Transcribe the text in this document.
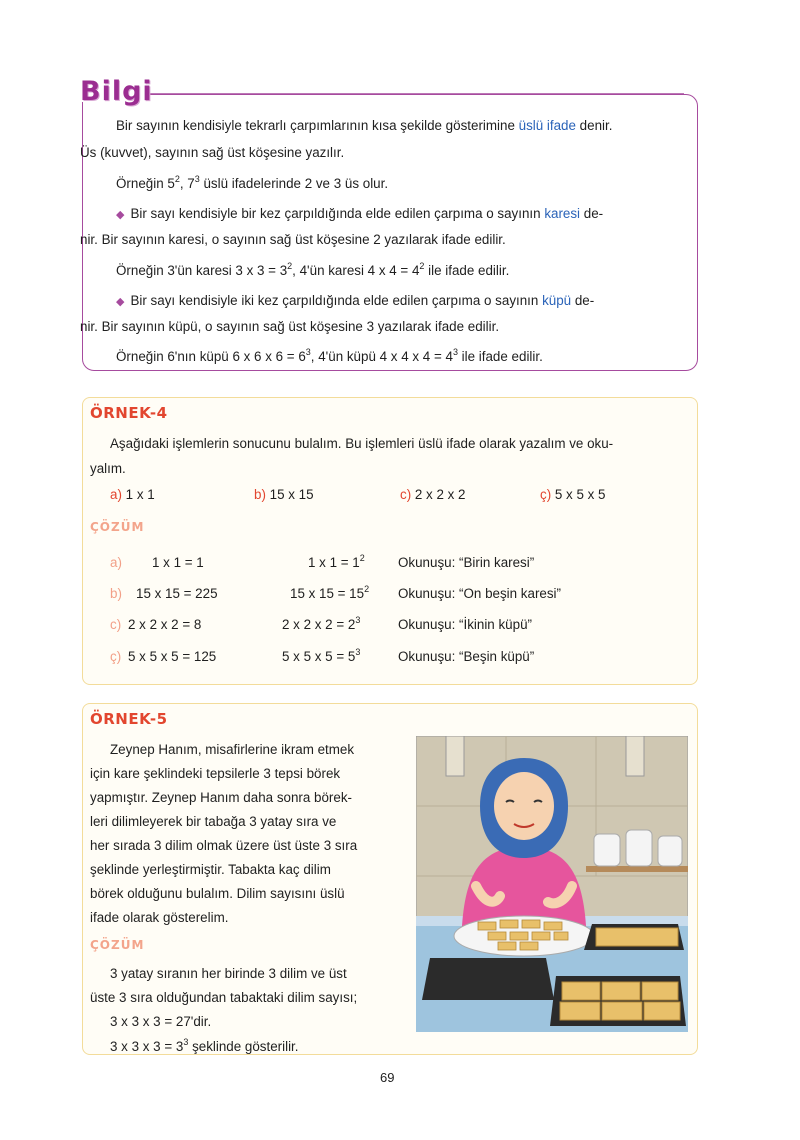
Bilgi
Bir sayının kendisiyle tekrarlı çarpımlarının kısa şekilde gösterimine üslü ifade denir.
Üs (kuvvet), sayının sağ üst köşesine yazılır.
Örneğin $5^2$, $7^3$ üslü ifadelerinde 2 ve 3 üs olur.
◆ Bir sayı kendisiyle bir kez çarpıldığında elde edilen çarpıma o sayının karesi de-
nir. Bir sayının karesi, o sayının sağ üst köşesine 2 yazılarak ifade edilir.
Örneğin 3'ün karesi 3 x $3 = 3^2$, 4'ün karesi 4 x $4 = 4^2$ ile ifade edilir.
◆ Bir sayı kendisiyle iki kez çarpıldığında elde edilen çarpıma o sayının küpü de-
nir. Bir sayının küpü, o sayının sağ üst köşesine 3 yazılarak ifade edilir.
Örneğin 6'nın küpü 6 x 6 x $6 = 6^3$, 4'ün küpü 4 x 4 x $4 = 4^3$ ile ifade edilir.
ÖRNEK-4
Aşağıdaki işlemlerin sonucunu bulalım. Bu işlemleri üslü ifade olarak yazalım ve oku-
yalım.
a) 1 x 1	b) 15 x 15	c) 2 x 2 x 2	ç) 5 x 5 x 5
ÇÖZÜM
a) 1 x 1 = 1	1 x $1 = 1^2$ Okunuşu: “Birin karesi”
b) 15 x 15 = 225	15 x $15 = 15^2$ Okunuşu: “On beşin karesi”
c) 2 x 2 x 2 = 8	2 x 2 x $2 = 2^3$	Okunuşu: “İkinin küpü”
ç) 5 x 5 x 5 = 125	5 x 5 x $5 = 5^3$	Okunuşu: “Beşin küpü”
ÖRNEK-5
Zeynep Hanım, misafirlerine ikram etmek
için kare şeklindeki tepsilerle 3 tepsi börek
yapmıştır. Zeynep Hanım daha sonra börek-
leri dilimleyerek bir tabağa 3 yatay sıra ve
her sırada 3 dilim olmak üzere üst üste 3 sıra
şeklinde yerleştirmiştir. Tabakta kaç dilim
börek olduğunu bulalım. Dilim sayısını üslü
ifade olarak gösterelim.
ÇÖZÜM
3 yatay sıranın her birinde 3 dilim ve üst
üste 3 sıra olduğundan tabaktaki dilim sayısı;
3 x 3 x 3 = 27'dir.
3 x 3 x $3 = 3^3$ şeklinde gösterilir.
69
